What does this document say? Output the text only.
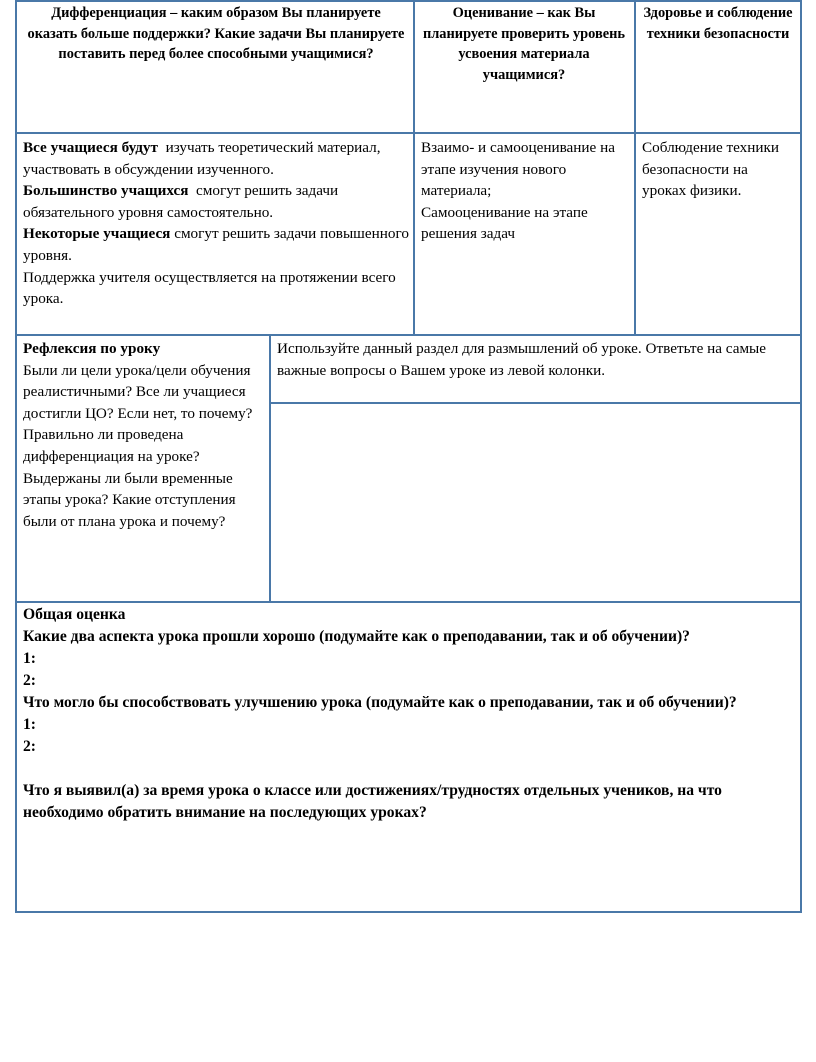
Дифференциация – каким образом Вы планируете оказать больше поддержки? Какие задачи Вы планируете поставить перед более способными учащимися?
Оценивание – как Вы планируете проверить уровень усвоения материала учащимися?
Здоровье и соблюдение техники безопасности
Все учащиеся будут изучать теоретический материал, участвовать в обсуждении изученного.
Большинство учащихся смогут решить задачи обязательного уровня самостоятельно.
Некоторые учащиеся смогут решить задачи повышенного уровня.
Поддержка учителя осуществляется на протяжении всего урока.
Взаимо- и самооценивание на этапе изучения нового материала;
Самооценивание на этапе решения задач
Соблюдение техники безопасности на уроках физики.
Рефлексия по уроку
Были ли цели урока/цели обучения реалистичными? Все ли учащиеся достигли ЦО? Если нет, то почему? Правильно ли проведена дифференциация на уроке? Выдержаны ли были временные этапы урока? Какие отступления были от плана урока и почему?
Используйте данный раздел для размышлений об уроке. Ответьте на самые важные вопросы о Вашем уроке из левой колонки.
Общая оценка
Какие два аспекта урока прошли хорошо (подумайте как о преподавании, так и об обучении)?
1:
2:
Что могло бы способствовать улучшению урока (подумайте как о преподавании, так и об обучении)?
1:
2:
Что я выявил(а) за время урока о классе или достижениях/трудностях отдельных учеников, на что необходимо обратить внимание на последующих уроках?
